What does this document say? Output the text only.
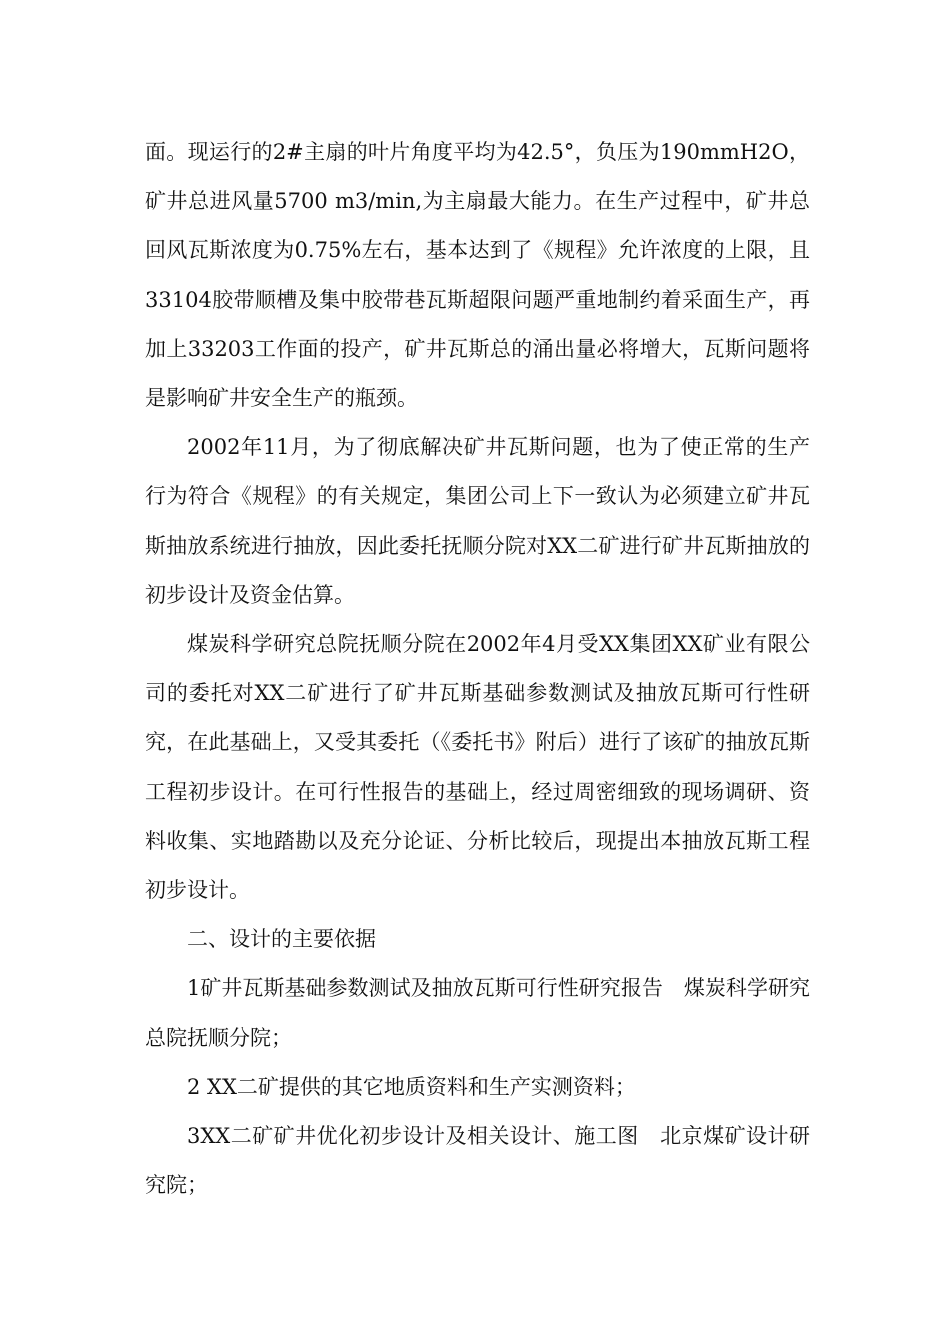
面。现运行的2#主扇的叶片角度平均为42.5°，负压为190mmH2O，矿井总进风量5700 m3/min,为主扇最大能力。在生产过程中，矿井总回风瓦斯浓度为0.75%左右，基本达到了《规程》允许浓度的上限，且33104胶带顺槽及集中胶带巷瓦斯超限问题严重地制约着采面生产，再加上33203工作面的投产，矿井瓦斯总的涌出量必将增大，瓦斯问题将是影响矿井安全生产的瓶颈。

2002年11月，为了彻底解决矿井瓦斯问题，也为了使正常的生产行为符合《规程》的有关规定，集团公司上下一致认为必须建立矿井瓦斯抽放系统进行抽放，因此委托抚顺分院对XX二矿进行矿井瓦斯抽放的初步设计及资金估算。

煤炭科学研究总院抚顺分院在2002年4月受XX集团XX矿业有限公司的委托对XX二矿进行了矿井瓦斯基础参数测试及抽放瓦斯可行性研究，在此基础上，又受其委托（《委托书》附后）进行了该矿的抽放瓦斯工程初步设计。在可行性报告的基础上，经过周密细致的现场调研、资料收集、实地踏勘以及充分论证、分析比较后，现提出本抽放瓦斯工程初步设计。

二、设计的主要依据

1矿井瓦斯基础参数测试及抽放瓦斯可行性研究报告　煤炭科学研究总院抚顺分院；

2 XX二矿提供的其它地质资料和生产实测资料；

3XX二矿矿井优化初步设计及相关设计、施工图　北京煤矿设计研究院；
